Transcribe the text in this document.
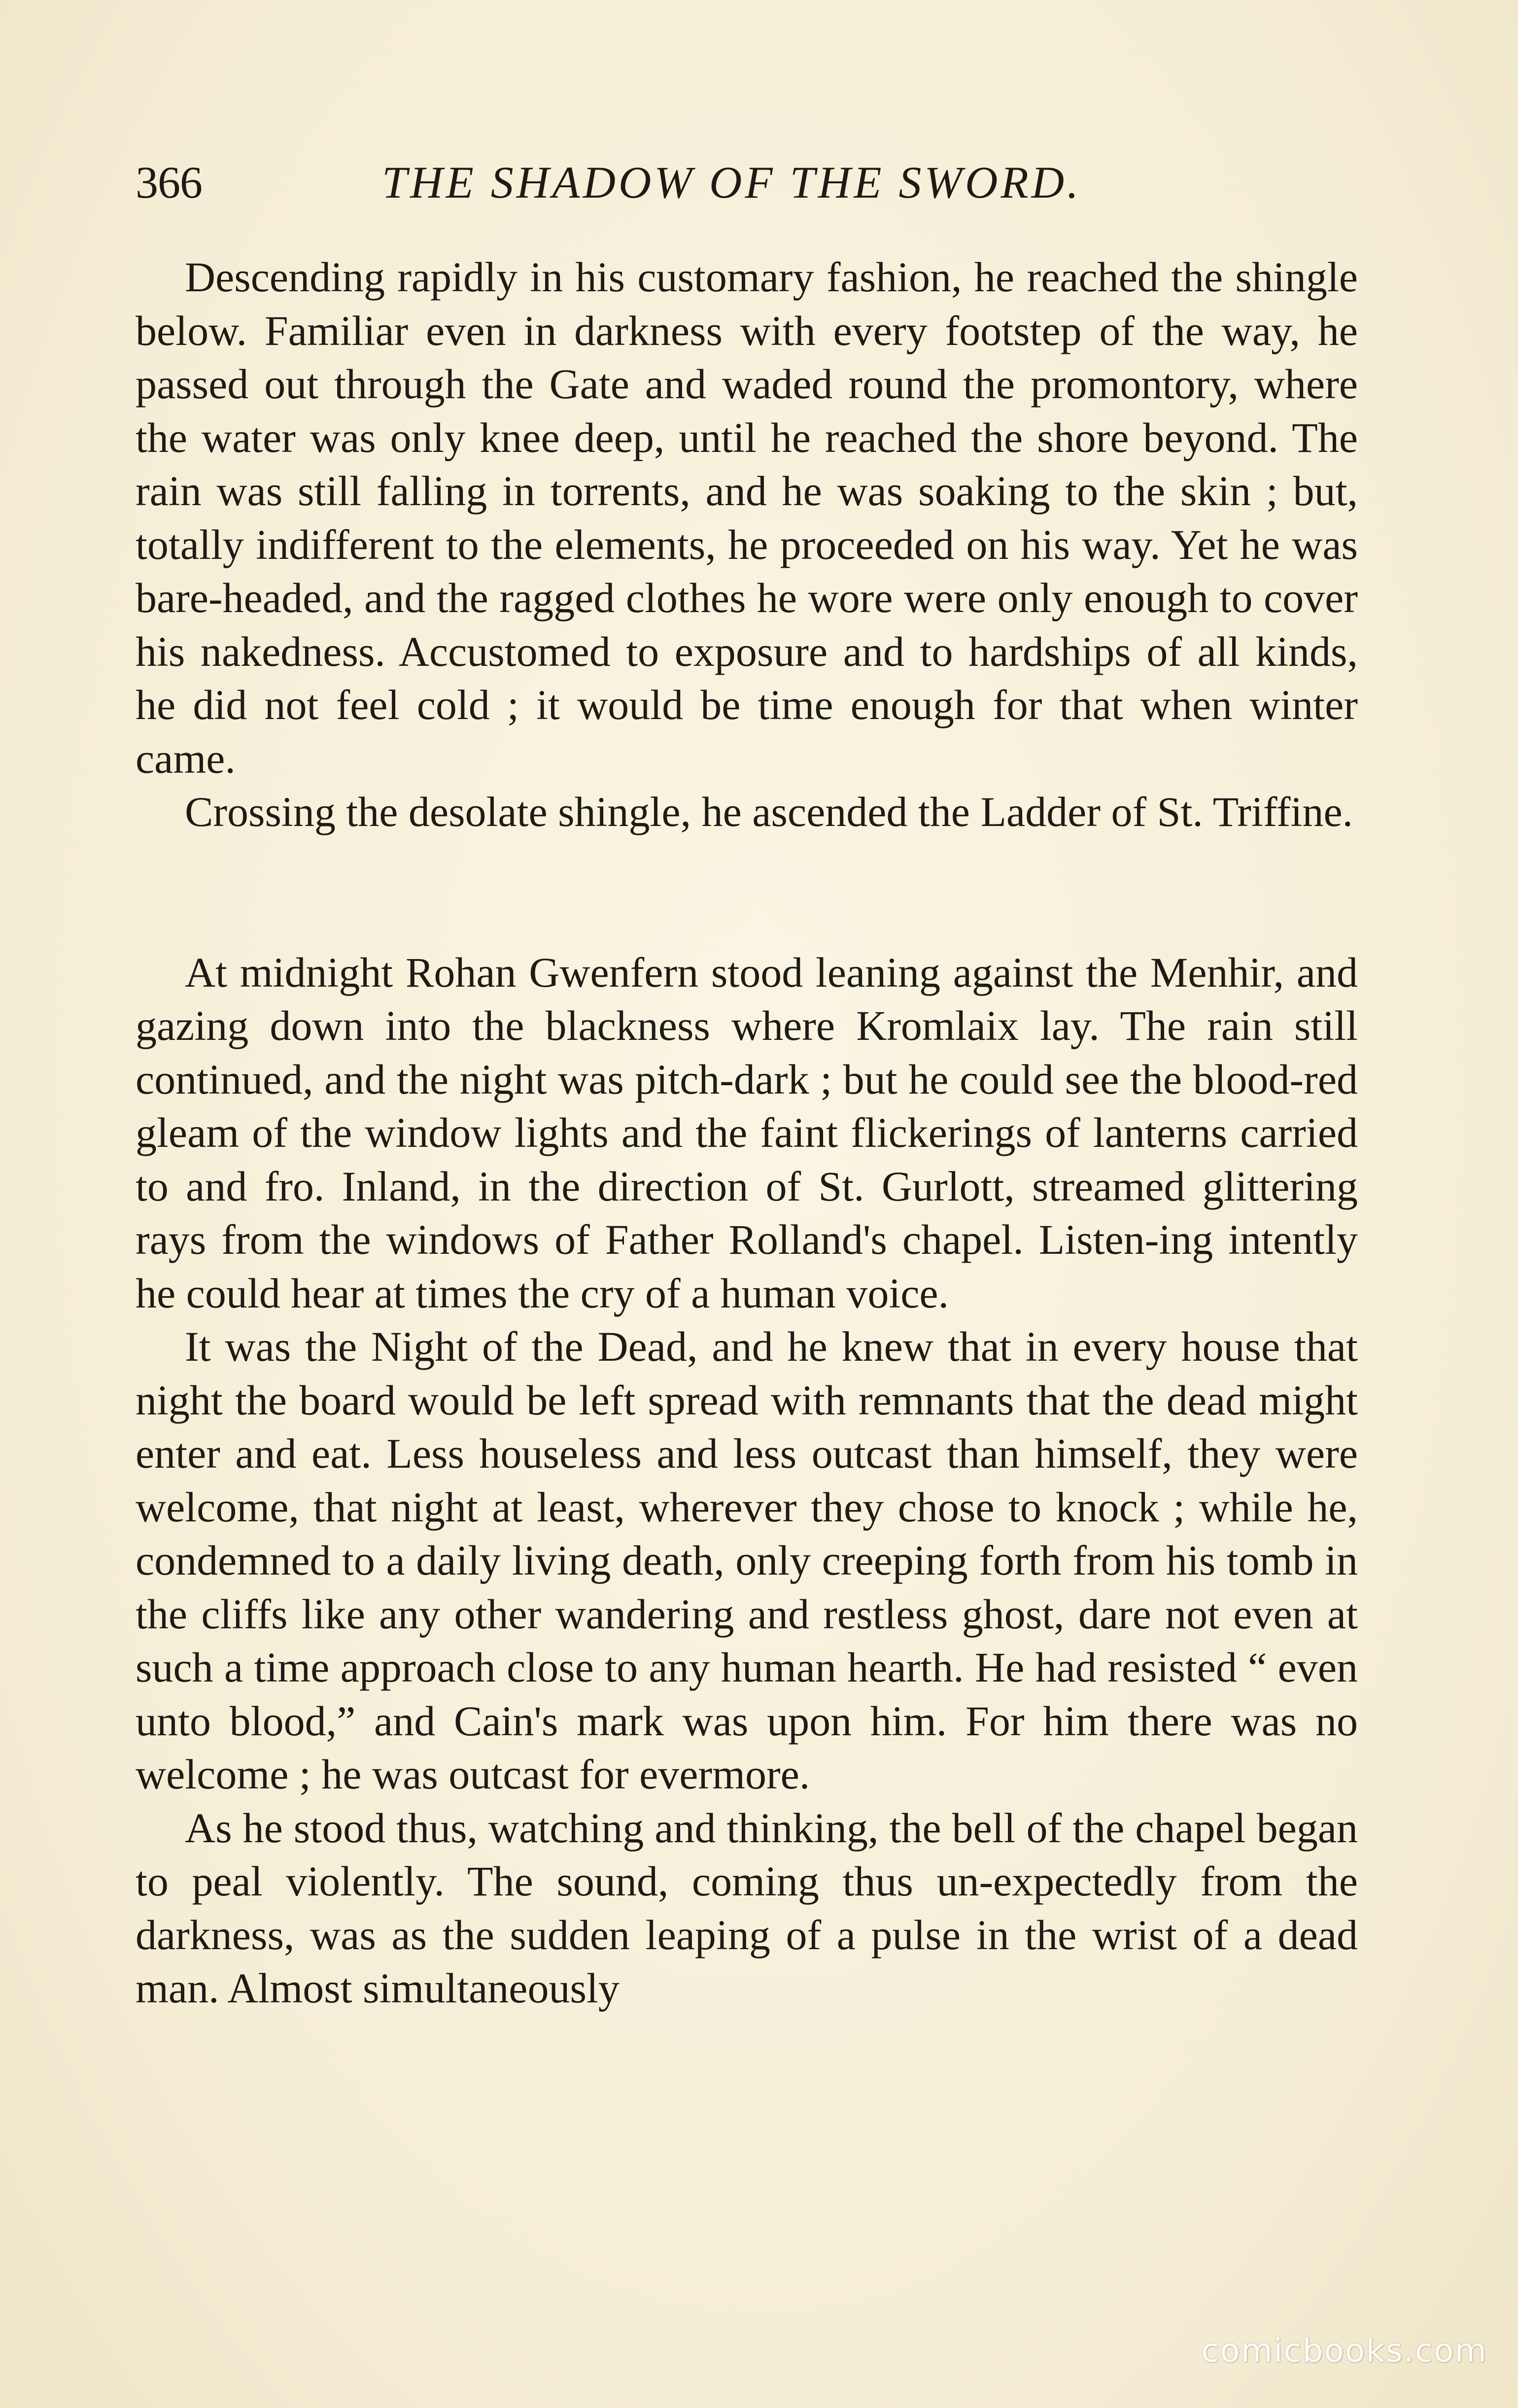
366	THE SHADOW OF THE SWORD.

Descending rapidly in his customary fashion, he reached the shingle below. Familiar even in darkness with every footstep of the way, he passed out through the Gate and waded round the promontory, where the water was only knee deep, until he reached the shore beyond. The rain was still falling in torrents, and he was soaking to the skin ; but, totally indifferent to the elements, he proceeded on his way. Yet he was bare-headed, and the ragged clothes he wore were only enough to cover his nakedness. Accustomed to exposure and to hardships of all kinds, he did not feel cold ; it would be time enough for that when winter came.

Crossing the desolate shingle, he ascended the Ladder of St. Triffine.

At midnight Rohan Gwenfern stood leaning against the Menhir, and gazing down into the blackness where Kromlaix lay. The rain still continued, and the night was pitch-dark ; but he could see the blood-red gleam of the window lights and the faint flickerings of lanterns carried to and fro. Inland, in the direction of St. Gurlott, streamed glittering rays from the windows of Father Rolland's chapel. Listen-ing intently he could hear at times the cry of a human voice.

It was the Night of the Dead, and he knew that in every house that night the board would be left spread with remnants that the dead might enter and eat. Less houseless and less outcast than himself, they were welcome, that night at least, wherever they chose to knock ; while he, condemned to a daily living death, only creeping forth from his tomb in the cliffs like any other wandering and restless ghost, dare not even at such a time approach close to any human hearth. He had resisted “ even unto blood,” and Cain's mark was upon him. For him there was no welcome ; he was outcast for evermore.

As he stood thus, watching and thinking, the bell of the chapel began to peal violently. The sound, coming thus un-expectedly from the darkness, was as the sudden leaping of a pulse in the wrist of a dead man. Almost simultaneously

comicbooks.com
